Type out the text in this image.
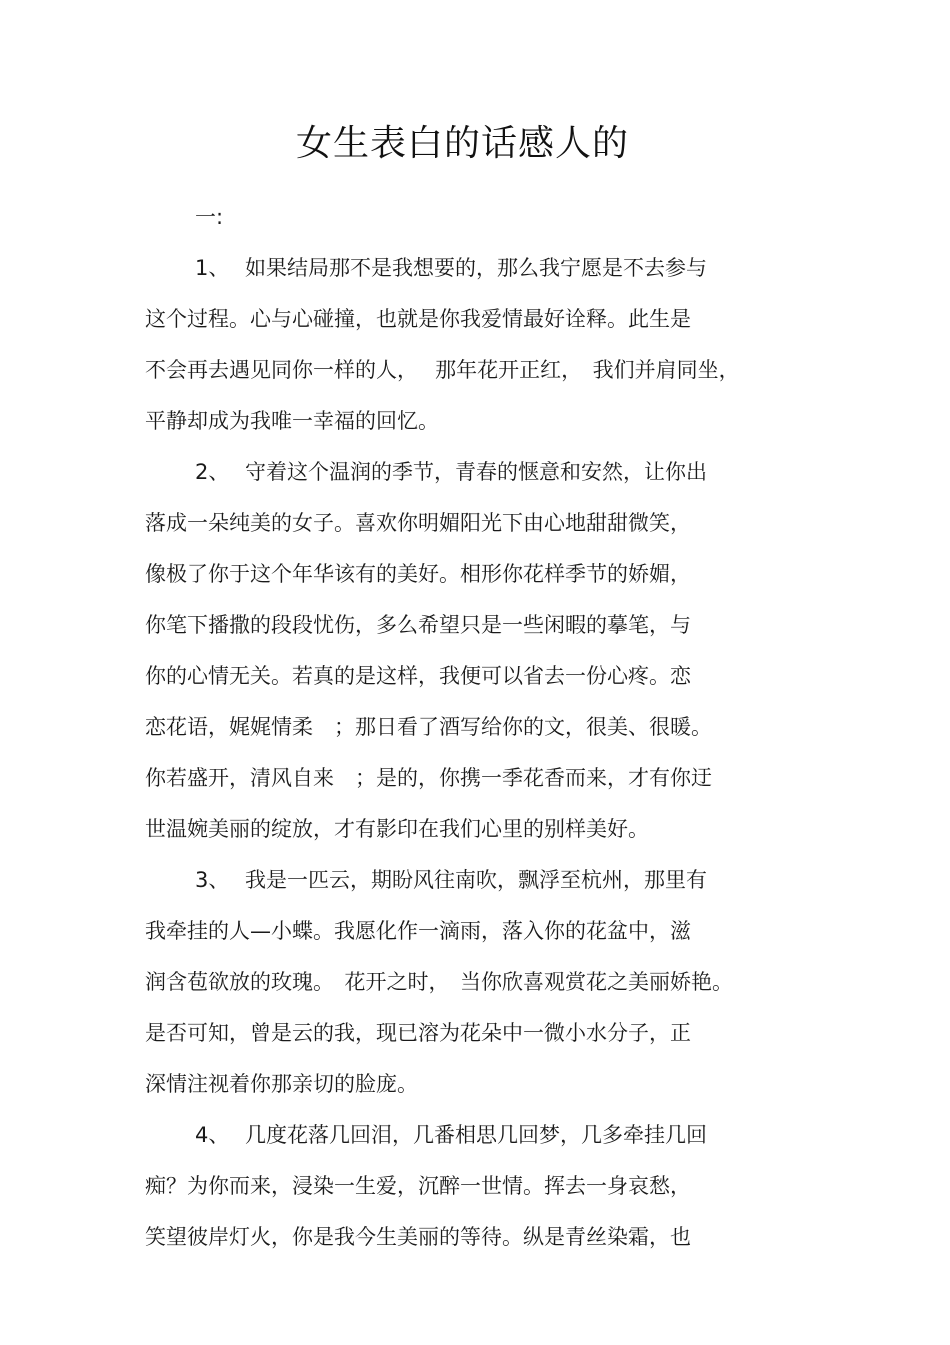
女生表白的话感人的
一:
1、 如果结局那不是我想要的，那么我宁愿是不去参与
这个过程。心与心碰撞，也就是你我爱情最好诠释。此生是
不会再去遇见同你一样的人，　 那年花开正红，　我们并肩同坐，
平静却成为我唯一幸福的回忆。
2、 守着这个温润的季节，青春的惬意和安然，让你出
落成一朵纯美的女子。喜欢你明媚阳光下由心地甜甜微笑，
像极了你于这个年华该有的美好。相形你花样季节的娇媚，
你笔下播撒的段段忧伤，多么希望只是一些闲暇的摹笔，与
你的心情无关。若真的是这样，我便可以省去一份心疼。恋
恋花语，娓娓情柔　；那日看了酒写给你的文，很美、很暖。
你若盛开，清风自来　；是的，你携一季花香而来，才有你迂
世温婉美丽的绽放，才有影印在我们心里的别样美好。
3、 我是一匹云，期盼风往南吹，飘浮至杭州，那里有
我牵挂的人—小蝶。我愿化作一滴雨，落入你的花盆中，滋
润含苞欲放的玫瑰。　花开之时，　当你欣喜观赏花之美丽娇艳。
是否可知，曾是云的我，现已溶为花朵中一微小水分子，正
深情注视着你那亲切的脸庞。
4、 几度花落几回泪，几番相思几回梦，几多牵挂几回
痴？为你而来，浸染一生爱，沉醉一世情。挥去一身哀愁，
笑望彼岸灯火，你是我今生美丽的等待。纵是青丝染霜，也
